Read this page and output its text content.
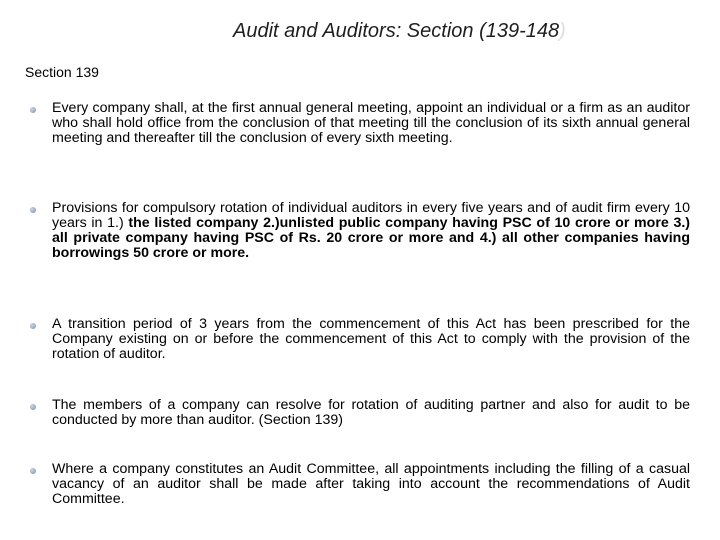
Audit and Auditors: Section (139-148)
Section 139
Every company shall, at the first annual general meeting, appoint an individual or a firm as an auditor who shall hold office from the conclusion of that meeting till the conclusion of its sixth annual general meeting and thereafter till the conclusion of every sixth meeting.
Provisions for compulsory rotation of individual auditors in every five years and of audit firm every 10 years in 1.) the listed company 2.)unlisted public company having PSC of 10 crore or more 3.) all private company having PSC of Rs. 20 crore or more and 4.) all other companies having borrowings 50 crore or more.
A transition period of 3 years from the commencement of this Act has been prescribed for the Company existing on or before the commencement of this Act to comply with the provision of the rotation of auditor.
The members of a company can resolve for rotation of auditing partner and also for audit to be conducted by more than auditor. (Section 139)
Where a company constitutes an Audit Committee, all appointments including the filling of a casual vacancy of an auditor shall be made after taking into account the recommendations of Audit Committee.
